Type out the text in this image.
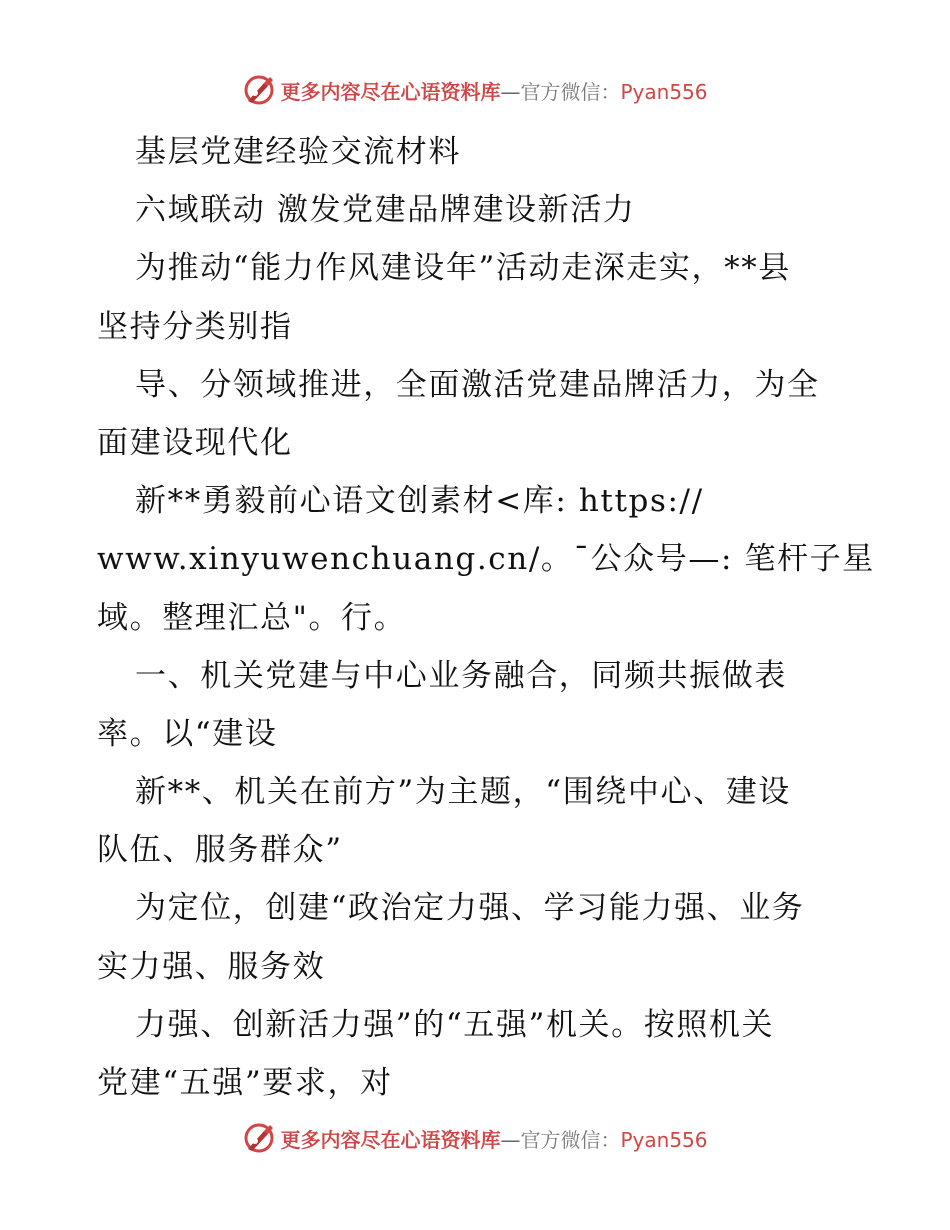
更多内容尽在心语资料库—官方微信：Pyan556
基层党建经验交流材料
六域联动 激发党建品牌建设新活力
为推动“能力作风建设年”活动走深走实，**县
坚持分类别指
导、分领域推进，全面激活党建品牌活力，为全
面建设现代化
新**勇毅前心语文创素材<库: https://
www.xinyuwenchuang.cn/。¯公众号—: 笔杆子星
域。整理汇总"。行。
一、机关党建与中心业务融合，同频共振做表
率。以“建设
新**、机关在前方”为主题，“围绕中心、建设
队伍、服务群众”
为定位，创建“政治定力强、学习能力强、业务
实力强、服务效
力强、创新活力强”的“五强”机关。按照机关
党建“五强”要求，对
更多内容尽在心语资料库—官方微信：Pyan556
